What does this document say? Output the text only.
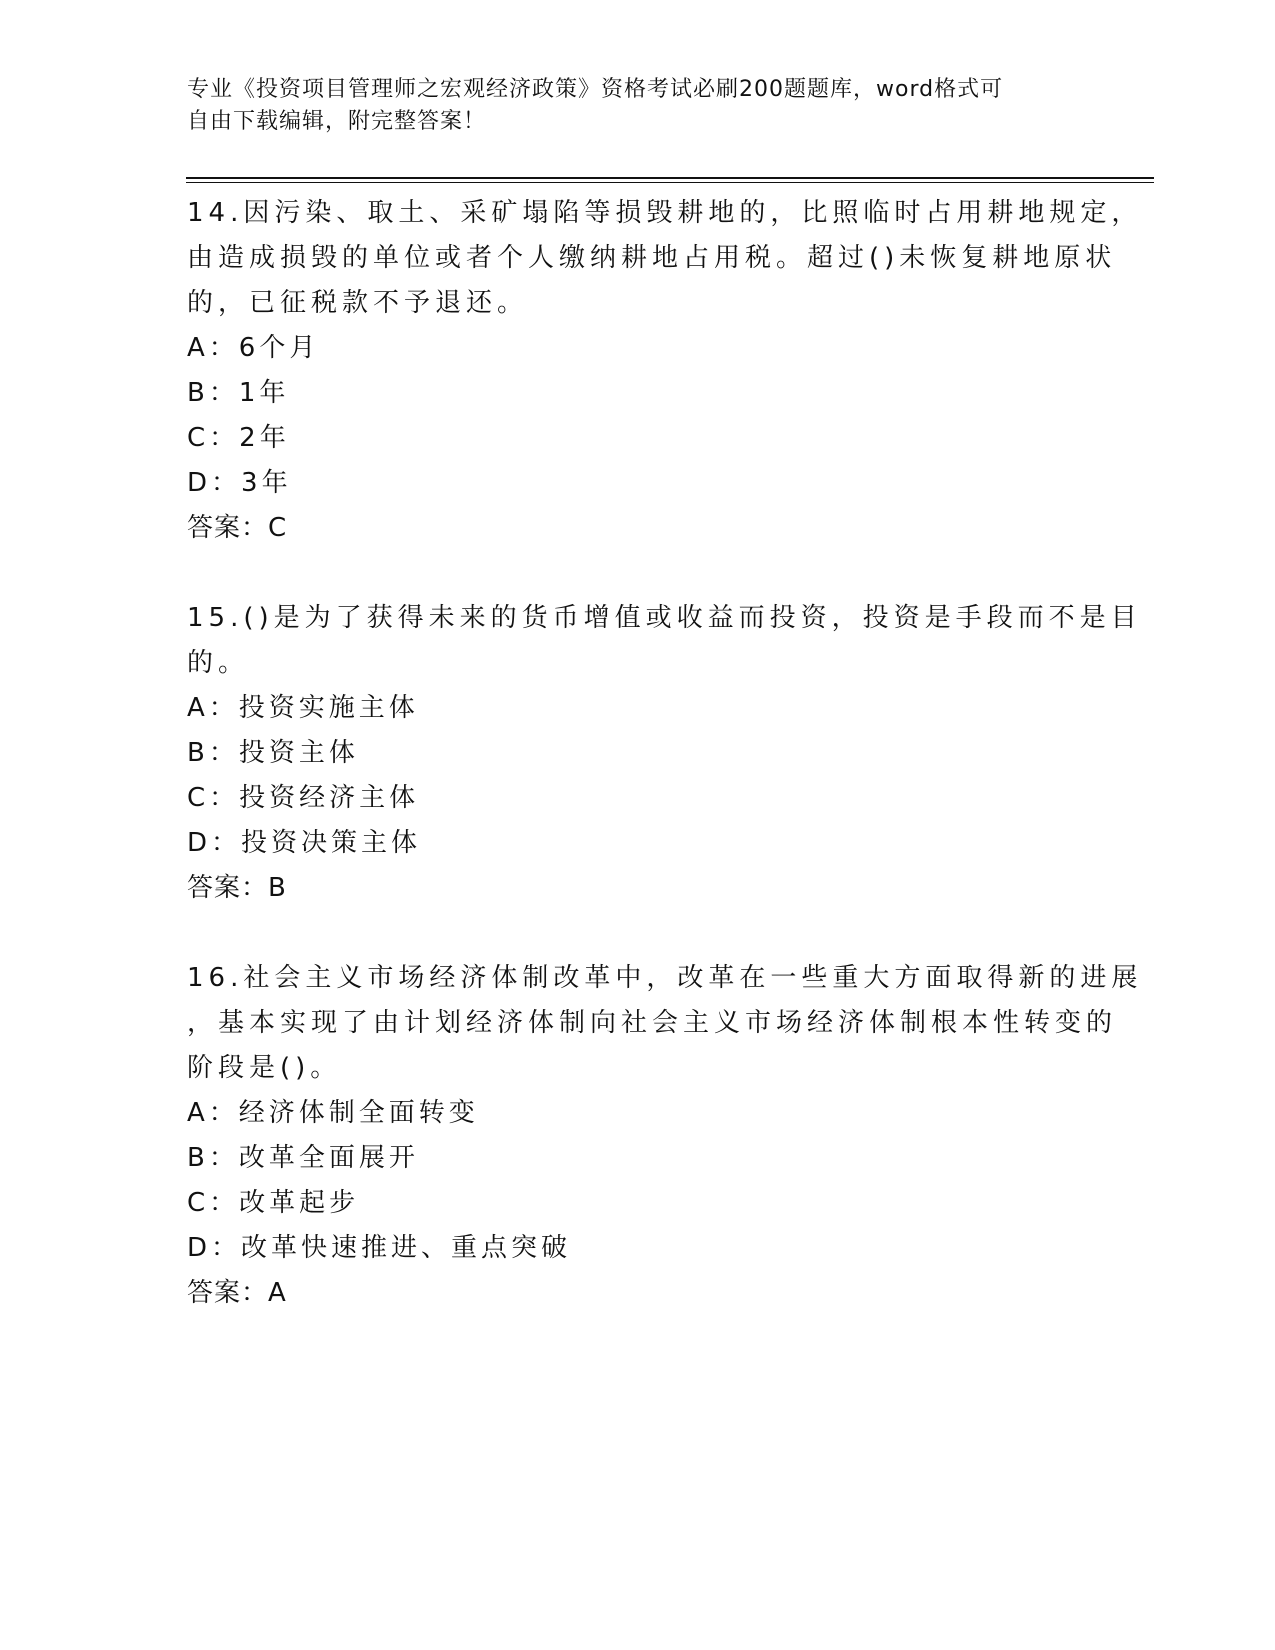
专业《投资项目管理师之宏观经济政策》资格考试必刷200题题库，word格式可
自由下载编辑，附完整答案！
14.因污染、取土、采矿塌陷等损毁耕地的，比照临时占用耕地规定，
由造成损毁的单位或者个人缴纳耕地占用税。超过()未恢复耕地原状
的，已征税款不予退还。
A：6个月
B：1年
C：2年
D：3年
答案：C
15.()是为了获得未来的货币增值或收益而投资，投资是手段而不是目
的。
A：投资实施主体
B：投资主体
C：投资经济主体
D：投资决策主体
答案：B
16.社会主义市场经济体制改革中，改革在一些重大方面取得新的进展
，基本实现了由计划经济体制向社会主义市场经济体制根本性转变的
阶段是()。
A：经济体制全面转变
B：改革全面展开
C：改革起步
D：改革快速推进、重点突破
答案：A
